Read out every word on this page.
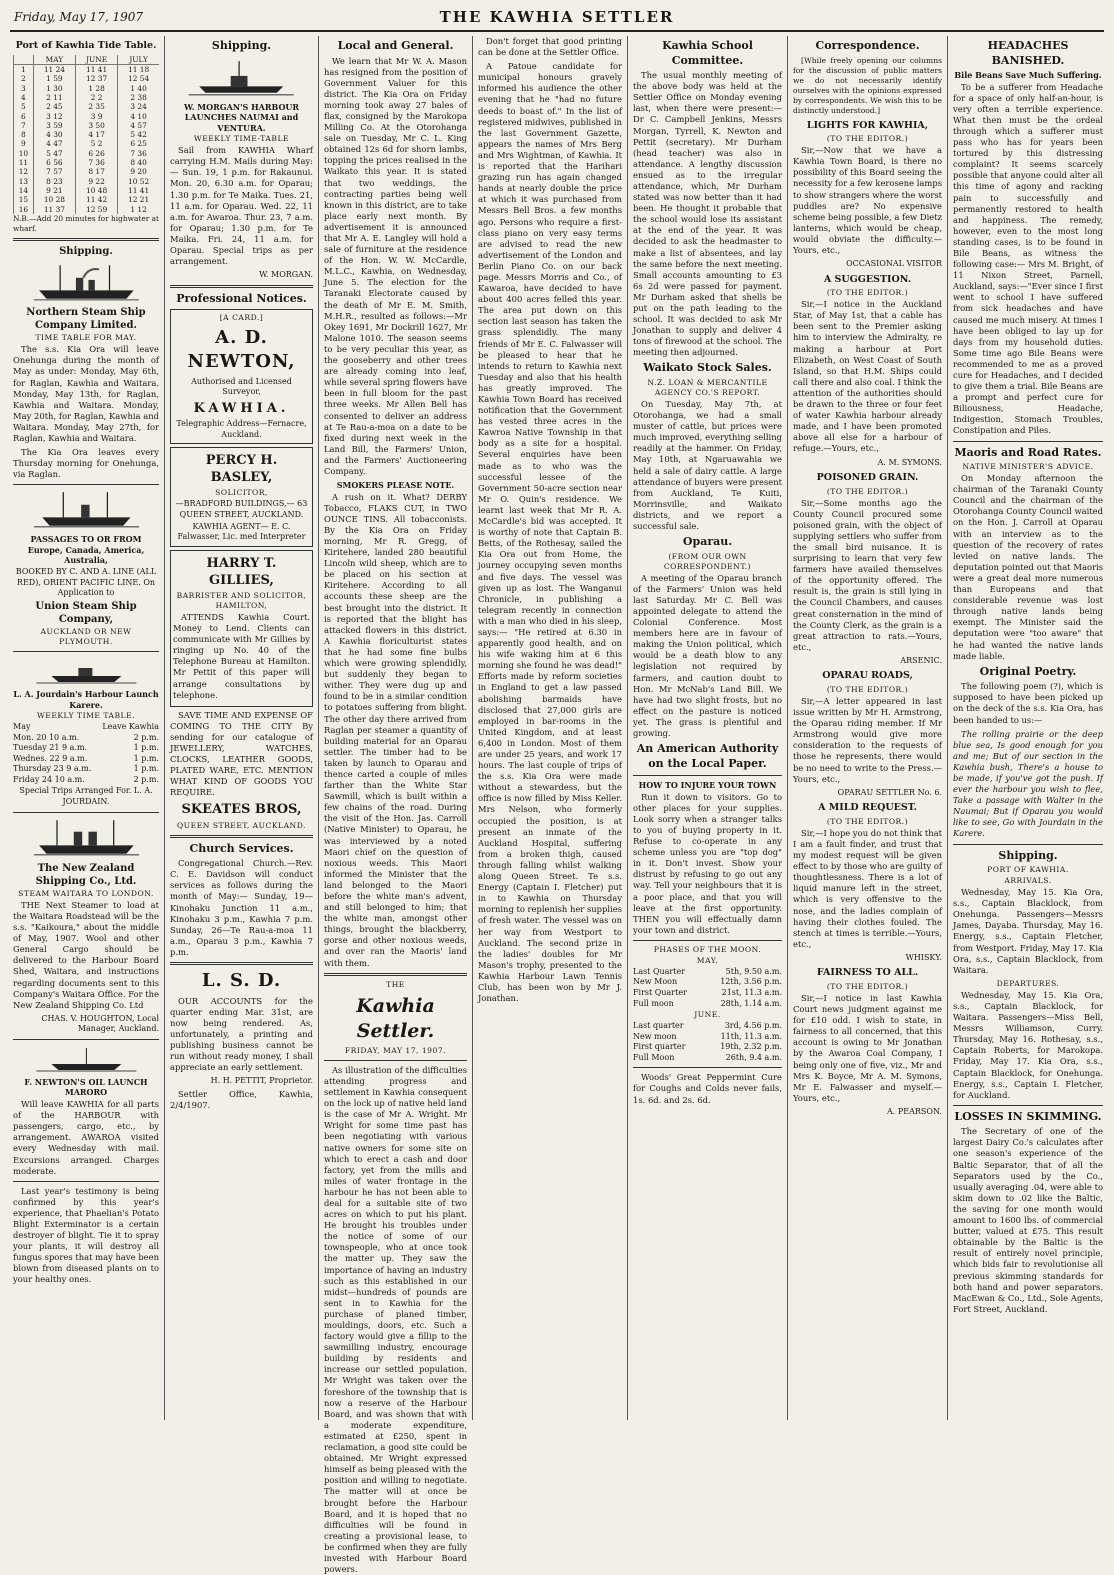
Friday, May 17, 1907	THE KAWHIA SETTLER
Port of Kawhia Tide Table.
	MAY	JUNE	JULY
1	11 24	11 41	11 18
2	1 59	12 37	12 54
3	1 30	1 28	1 40
4	2 11	2 2	2 38
5	2 45	2 35	3 24
6	3 12	3 9	4 10
7	3 59	3 50	4 57
8	4 30	4 17	5 42
9	4 47	5 2	6 25
10	5 47	6 26	7 36
11	6 56	7 36	8 40
12	7 57	8 17	9 20
13	8 23	9 22	10 52
14	9 21	10 48	11 41
15	10 28	11 42	12 21
16	11 37	12 59	1 12

N.B.—Add 20 minutes for highwater at wharf.

Shipping.
Northern Steam Ship Company Limited.
TIME TABLE FOR MAY.

The s.s. Kia Ora will leave Onehunga during the month of May as under: Monday, May 6th, for Raglan, Kawhia and Waitara. Monday, May 13th, for Raglan, Kawhia and Waitara. Monday, May 20th, for Raglan, Kawhia and Waitara. Monday, May 27th, for Raglan, Kawhia and Waitara.

The Kia Ora leaves every Thursday morning for Onehunga, via Raglan.

PASSAGES TO OR FROM Europe, Canada, America, Australia,
BOOKED BY C. AND A. LINE (ALL RED), ORIENT PACIFIC LINE. On Application to
Union Steam Ship Company,
AUCKLAND OR NEW PLYMOUTH.
L. A. Jourdain's Harbour Launch Karere.
WEEKLY TIME TABLE.
May	Leave Kawhia
Mon. 20 10 a.m.	2 p.m.
Tuesday 21 9 a.m.	1 p.m.
Wednes. 22 9 a.m.	1 p.m.
Thursday 23 9 a.m.	1 p.m.
Friday 24 10 a.m.	2 p.m.
Special Trips Arranged For. L. A. JOURDAIN.
The New Zealand Shipping Co., Ltd.
STEAM WAITARA TO LONDON.

THE Next Steamer to load at the Waitara Roadstead will be the s.s. "Kaikoura," about the middle of May, 1907. Wool and other General Cargo should be delivered to the Harbour Board Shed, Waitara, and instructions regarding documents sent to this Company's Waitara Office. For the New Zealand Shipping Co. Ltd

CHAS. V. HOUGHTON, Local Manager, Auckland.
F. NEWTON'S OIL LAUNCH MARORO

Will leave KAWHIA for all parts of the HARBOUR with passengers, cargo, etc., by arrangement. AWAROA visited every Wednesday with mail. Excursions arranged. Charges moderate.

Last year's testimony is being confirmed by this year's experience, that Phaelian's Potato Blight Exterminator is a certain destroyer of blight. Tie it to spray your plants, it will destroy all fungus spores that may have been blown from diseased plants on to your healthy ones.

Shipping.
W. MORGAN'S HARBOUR LAUNCHES NAUMAI and VENTURA.
WEEKLY TIME-TABLE

Sail from KAWHIA Wharf carrying H.M. Mails during May:— Sun. 19, 1 p.m. for Rakaunui. Mon. 20, 6.30 a.m. for Oparau; 1.30 p.m. for Te Maika. Tues. 21, 11 a.m. for Oparau. Wed. 22, 11 a.m. for Awaroa. Thur. 23, 7 a.m. for Oparau; 1.30 p.m. for Te Maika. Fri. 24, 11 a.m. for Oparau. Special trips as per arrangement.

W. MORGAN.
Professional Notices.
[A CARD.]
A. D. NEWTON,
Authorised and Licensed Surveyor,
KAWHIA.
Telegraphic Address—Fernacre, Auckland.
PERCY H. BASLEY,
SOLICITOR,
—BRADFORD BUILDINGS,— 63 QUEEN STREET, AUCKLAND.
KAWHIA AGENT— E. C. Falwasser, Lic. med Interpreter
HARRY T. GILLIES,
BARRISTER AND SOLICITOR, HAMILTON,

ATTENDS Kawhia Court. Money to Lend. Clients can communicate with Mr Gillies by ringing up No. 40 of the Telephone Bureau at Hamilton. Mr Pettit of this paper will arrange consultations by telephone.

SAVE TIME AND EXPENSE OF COMING TO THE CITY By sending for our catalogue of JEWELLERY, WATCHES, CLOCKS, LEATHER GOODS, PLATED WARE, ETC. MENTION WHAT KIND OF GOODS YOU REQUIRE.

SKEATES BROS,
QUEEN STREET, AUCKLAND.
Church Services.

Congregational Church.—Rev. C. E. Davidson will conduct services as follows during the month of May:— Sunday, 19—Kinohaku Junction 11 a.m., Kinohaku 3 p.m., Kawhia 7 p.m. Sunday, 26—Te Rau-a-moa 11 a.m., Oparau 3 p.m., Kawhia 7 p.m.

L. S. D.

OUR ACCOUNTS for the quarter ending Mar. 31st, are now being rendered. As, unfortunately, a printing and publishing business cannot be run without ready money, I shall appreciate an early settlement.

H. H. PETTIT, Proprietor.

Settler Office, Kawhia, 2/4/1907.

Local and General.

We learn that Mr W. A. Mason has resigned from the position of Government Valuer for this district. The Kia Ora on Friday morning took away 27 bales of flax, consigned by the Marokopa Milling Co. At the Otorohanga sale on Tuesday, Mr C. L. King obtained 12s 6d for shorn lambs, topping the prices realised in the Waikato this year. It is stated that two weddings, the contracting parties being well known in this district, are to take place early next month. By advertisement it is announced that Mr A. E. Langley will hold a sale of furniture at the residence of the Hon. W. W. McCardle, M.L.C., Kawhia, on Wednesday, June 5. The election for the Taranaki Electorate caused by the death of Mr E. M. Smith, M.H.R., resulted as follows:—Mr Okey 1691, Mr Dockrill 1627, Mr Malone 1010. The season seems to be very peculiar this year, as the gooseberry and other trees are already coming into leaf, while several spring flowers have been in full bloom for the past three weeks. Mr Allen Bell has consented to deliver an address at Te Rau-a-moa on a date to be fixed during next week in the Land Bill, the Farmers' Union, and the Farmers' Auctioneering Company.

SMOKERS PLEASE NOTE.

A rush on it. What? DERBY Tobacco, FLAKS CUT, in TWO OUNCE TINS. All tobacconists. By the Kia Ora on Friday morning, Mr R. Gregg, of Kiritehere, landed 280 beautiful Lincoln wild sheep, which are to be placed on his section at Kiritehere. According to all accounts these sheep are the best brought into the district. It is reported that the blight has attacked flowers in this district. A Kawhia floriculturist states that he had some fine bulbs which were growing splendidly, but suddenly they began to wither. They were dug up and found to be in a similar condition to potatoes suffering from blight. The other day there arrived from Raglan per steamer a quantity of building material for an Oparau settler. The timber had to be taken by launch to Oparau and thence carted a couple of miles farther than the White Star Sawmill, which is built within a few chains of the road. During the visit of the Hon. Jas. Carroll (Native Minister) to Oparau, he was interviewed by a noted Maori chief on the question of noxious weeds. This Maori informed the Minister that the land belonged to the Maori before the white man's advent, and still belonged to him; that the white man, amongst other things, brought the blackberry, gorse and other noxious weeds, and over ran the Maoris' land with them.

THE
Kawhia Settler.
FRIDAY, MAY 17, 1907.

As illustration of the difficulties attending progress and settlement in Kawhia consequent on the lock up of native held land is the case of Mr A. Wright. Mr Wright for some time past has been negotiating with various native owners for some site on which to erect a cash and door factory, yet from the mills and miles of water frontage in the harbour he has not been able to deal for a suitable site of two acres on which to put his plant. He brought his troubles under the notice of some of our townspeople, who at once took the matter up. They saw the importance of having an industry such as this established in our midst—hundreds of pounds are sent in to Kawhia for the purchase of planed timber, mouldings, doors, etc. Such a factory would give a fillip to the sawmilling industry, encourage building by residents and increase our settled population. Mr Wright was taken over the foreshore of the township that is now a reserve of the Harbour Board, and was shown that with a moderate expenditure, estimated at £250, spent in reclamation, a good site could be obtained. Mr Wright expressed himself as being pleased with the position and willing to negotiate. The matter will at once be brought before the Harbour Board, and it is hoped that no difficulties will be found in creating a provisional lease, to be confirmed when they are fully invested with Harbour Board powers.

Don't forget that good printing can be done at the Settler Office.

A Patoue candidate for municipal honours gravely informed his audience the other evening that he "had no future deeds to boast of." In the list of registered midwives, published in the last Government Gazette, appears the names of Mrs Berg and Mrs Wightman, of Kawhia. It is reported that the Harihari grazing run has again changed hands at nearly double the price at which it was purchased from Messrs Bell Bros. a few months ago. Persons who require a first-class piano on very easy terms are advised to read the new advertisement of the London and Berlin Piano Co. on our back page. Messrs Morris and Co., of Kawaroa, have decided to have about 400 acres felled this year. The area put down on this section last season has taken the grass splendidly. The many friends of Mr E. C. Falwasser will be pleased to hear that he intends to return to Kawhia next Tuesday and also that his health has greatly improved. The Kawhia Town Board has received notification that the Government has vested three acres in the Kawroa Native Township in that body as a site for a hospital. Several enquiries have been made as to who was the successful lessee of the Government 50-acre section near Mr O. Quin's residence. We learnt last week that Mr R. A. McCardle's bid was accepted. It is worthy of note that Captain B. Betts, of the Rothesay, sailed the Kia Ora out from Home, the journey occupying seven months and five days. The vessel was given up as lost. The Wanganui Chronicle, in publishing a telegram recently in connection with a man who died in his sleep, says:— "He retired at 6.30 in apparently good health, and on his wife waking him at 6 this morning she found he was dead!" Efforts made by reform societies in England to get a law passed abolishing barmaids have disclosed that 27,000 girls are employed in bar-rooms in the United Kingdom, and at least 6,400 in London. Most of them are under 25 years, and work 17 hours. The last couple of trips of the s.s. Kia Ora were made without a stewardess, but the office is now filled by Miss Keller. Mrs Nelson, who formerly occupied the position, is at present an inmate of the Auckland Hospital, suffering from a broken thigh, caused through falling whilst walking along Queen Street. Te s.s. Energy (Captain I. Fletcher) put in to Kawhia on Thursday morning to replenish her supplies of fresh water. The vessel was on her way from Westport to Auckland. The second prize in the ladies' doubles for Mr Mason's trophy, presented to the Kawhia Harbour Lawn Tennis Club, has been won by Mr J. Jonathan.

Kawhia School Committee.

The usual monthly meeting of the above body was held at the Settler Office on Monday evening last, when there were present:—Dr C. Campbell Jenkins, Messrs Morgan, Tyrrell, K. Newton and Pettit (secretary). Mr Durham (head teacher) was also in attendance. A lengthy discussion ensued as to the irregular attendance, which, Mr Durham stated was now better than it had been. He thought it probable that the school would lose its assistant at the end of the year. It was decided to ask the headmaster to make a list of absentees, and lay the same before the next meeting. Small accounts amounting to £3 6s 2d were passed for payment. Mr Durham asked that shells be put on the path leading to the school. It was decided to ask Mr Jonathan to supply and deliver 4 tons of firewood at the school. The meeting then adjourned.

Waikato Stock Sales.
N.Z. LOAN & MERCANTILE AGENCY CO.'S REPORT.

On Tuesday, May 7th, at Otorohanga, we had a small muster of cattle, but prices were much improved, everything selling readily at the hammer. On Friday, May 10th, at Ngaruawahia we held a sale of dairy cattle. A large attendance of buyers were present from Auckland, Te Kuiti, Morrinsville, and Waikato districts, and we report a successful sale.

Oparau.
(FROM OUR OWN CORRESPONDENT.)

A meeting of the Oparau branch of the Farmers' Union was held last Saturday. Mr C. Bell was appointed delegate to attend the Colonial Conference. Most members here are in favour of making the Union political, which would be a death blow to any legislation not required by farmers, and caution doubt to Hon. Mr McNab's Land Bill. We have had two slight frosts, but no effect on the pasture is noticed yet. The grass is plentiful and growing.

An American Authority on the Local Paper.
HOW TO INJURE YOUR TOWN

Run it down to visitors. Go to other places for your supplies. Look sorry when a stranger talks to you of buying property in it. Refuse to co-operate in any scheme unless you are "top dog" in it. Don't invest. Show your distrust by refusing to go out any way. Tell your neighbours that it is a poor place, and that you will leave at the first opportunity. THEN you will effectually damn your town and district.

PHASES OF THE MOON.
MAY.
Last Quarter	5th, 9.50 a.m.
New Moon	12th, 3.56 p.m.
First Quarter	21st, 11.3 a.m.
Full moon	28th, 1.14 a.m.
JUNE.
Last quarter	3rd, 4.56 p.m.
New moon	11th, 11.3 a.m.
First quarter	19th, 2.32 p.m.
Full Moon	26th, 9.4 a.m.

Woods' Great Peppermint Cure for Coughs and Colds never fails, 1s. 6d. and 2s. 6d.

Correspondence.

[While freely opening our columns for the discussion of public matters we do not necessarily identify ourselves with the opinions expressed by correspondents. We wish this to be distinctly understood.]

LIGHTS FOR KAWHIA,
(TO THE EDITOR.)

Sir,—Now that we have a Kawhia Town Board, is there no possibility of this Board seeing the necessity for a few kerosene lamps to show strangers where the worst puddles are? No expensive scheme being possible, a few Dietz lanterns, which would be cheap, would obviate the difficulty.—Yours, etc.,

OCCASIONAL VISITOR
A SUGGESTION.
(TO THE EDITOR.)

Sir,—I notice in the Auckland Star, of May 1st, that a cable has been sent to the Premier asking him to interview the Admiralty, re making a harbour at Port Elizabeth, on West Coast of South Island, so that H.M. Ships could call there and also coal. I think the attention of the authorities should be drawn to the three or four feet of water Kawhia harbour already made, and I have been promoted above all else for a harbour of refuge.—Yours, etc.,

A. M. SYMONS.
POISONED GRAIN.
(TO THE EDITOR.)

Sir,—Some months ago the County Council procured some poisoned grain, with the object of supplying settlers who suffer from the small bird nuisance. It is surprising to learn that very few farmers have availed themselves of the opportunity offered. The result is, the grain is still lying in the Council Chambers, and causes great consternation in the mind of the County Clerk, as the grain is a great attraction to rats.—Yours, etc.,

ARSENIC.
OPARAU ROADS,
(TO THE EDITOR.)

Sir,—A letter appeared in last issue written by Mr H. Armstrong, the Oparau riding member. If Mr Armstrong would give more consideration to the requests of those he represents, there would be no need to write to the Press.—Yours, etc.,

OPARAU SETTLER No. 6.
A MILD REQUEST.
(TO THE EDITOR.)

Sir,—I hope you do not think that I am a fault finder, and trust that my modest request will be given effect to by those who are guilty of thoughtlessness. There is a lot of liquid manure left in the street, which is very offensive to the nose, and the ladies complain of having their clothes fouled. The stench at times is terrible.—Yours, etc.,

WHISKY.
FAIRNESS TO ALL.
(TO THE EDITOR.)

Sir,—I notice in last Kawhia Court news judgment against me for £10 odd. I wish to state, in fairness to all concerned, that this account is owing to Mr Jonathan by the Awaroa Coal Company, I being only one of five, viz., Mr and Mrs K. Boyce, Mr A. M. Symons, Mr E. Falwasser and myself.—Yours, etc.,

A. PEARSON.
HEADACHES BANISHED.
Bile Beans Save Much Suffering.

To be a sufferer from Headache for a space of only half-an-hour, is very often a terrible experience. What then must be the ordeal through which a sufferer must pass who has for years been tortured by this distressing complaint? It seems scarcely possible that anyone could alter all this time of agony and racking pain to successfully and permanently restored to health and happiness. The remedy, however, even to the most long standing cases, is to be found in Bile Beans, as witness the following case:— Mrs M. Bright, of 11 Nixon Street, Parnell, Auckland, says:—"Ever since I first went to school I have suffered from sick headaches and have caused me much misery. At times I have been obliged to lay up for days from my household duties. Some time ago Bile Beans were recommended to me as a proved cure for Headaches, and I decided to give them a trial. Bile Beans are a prompt and perfect cure for Biliousness, Headache, Indigestion, Stomach Troubles, Constipation and Piles.

Maoris and Road Rates.
NATIVE MINISTER'S ADVICE.

On Monday afternoon the chairman of the Taranaki County Council and the chairman of the Otorohanga County Council waited on the Hon. J. Carroll at Oparau with an interview as to the question of the recovery of rates levied on native lands. The deputation pointed out that Maoris were a great deal more numerous than Europeans and that considerable revenue was lost through native lands being exempt. The Minister said the deputation were "too aware" that he had wanted the native lands made liable.

Original Poetry.

The following poem (?), which is supposed to have been picked up on the deck of the s.s. Kia Ora, has been handed to us:—

The rolling prairie or the deep blue sea, Is good enough for you and me; But of our section in the Kawhia bush, There's a house to be made, if you've got the push. If ever the harbour you wish to flee, Take a passage with Walter in the Naumai; But if Oparau you would like to see, Go with Jourdain in the Karere.

Shipping.
PORT OF KAWHIA.
ARRIVALS.

Wednesday, May 15. Kia Ora, s.s., Captain Blacklock, from Onehunga. Passengers—Messrs James, Dayaba. Thursday, May 16. Energy, s.s., Captain Fletcher, from Westport. Friday, May 17. Kia Ora, s.s., Captain Blacklock, from Waitara.

DEPARTURES.

Wednesday, May 15. Kia Ora, s.s., Captain Blacklock, for Waitara. Passengers—Miss Bell, Messrs Williamson, Curry. Thursday, May 16. Rothesay, s.s., Captain Roberts, for Marokopa. Friday, May 17. Kia Ora, s.s., Captain Blacklock, for Onehunga. Energy, s.s., Captain I. Fletcher, for Auckland.

LOSSES IN SKIMMING.

The Secretary of one of the largest Dairy Co.'s calculates after one season's experience of the Baltic Separator, that of all the Separators used by the Co., usually averaging .04, were able to skim down to .02 like the Baltic, the saving for one month would amount to 1600 lbs. of commercial butter, valued at £75. This result obtainable by the Baltic is the result of entirely novel principle, which bids fair to revolutionise all previous skimming standards for both hand and power separators. MacEwan & Co., Ltd., Sole Agents, Fort Street, Auckland.
